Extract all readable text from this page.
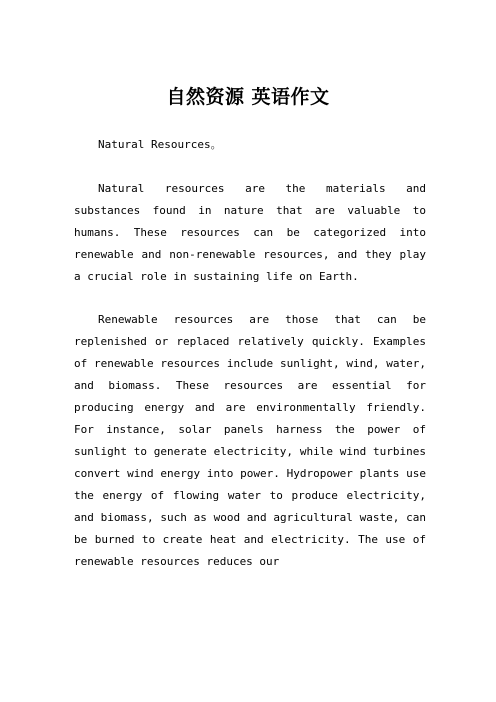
自然资源 英语作文

Natural Resources。

Natural resources are the materials and substances found in nature that are valuable to humans. These resources can be categorized into renewable and non-renewable resources, and they play a crucial role in sustaining life on Earth.

Renewable resources are those that can be replenished or replaced relatively quickly. Examples of renewable resources include sunlight, wind, water, and biomass. These resources are essential for producing energy and are environmentally friendly. For instance, solar panels harness the power of sunlight to generate electricity, while wind turbines convert wind energy into power. Hydropower plants use the energy of flowing water to produce electricity, and biomass, such as wood and agricultural waste, can be burned to create heat and electricity. The use of renewable resources reduces our
